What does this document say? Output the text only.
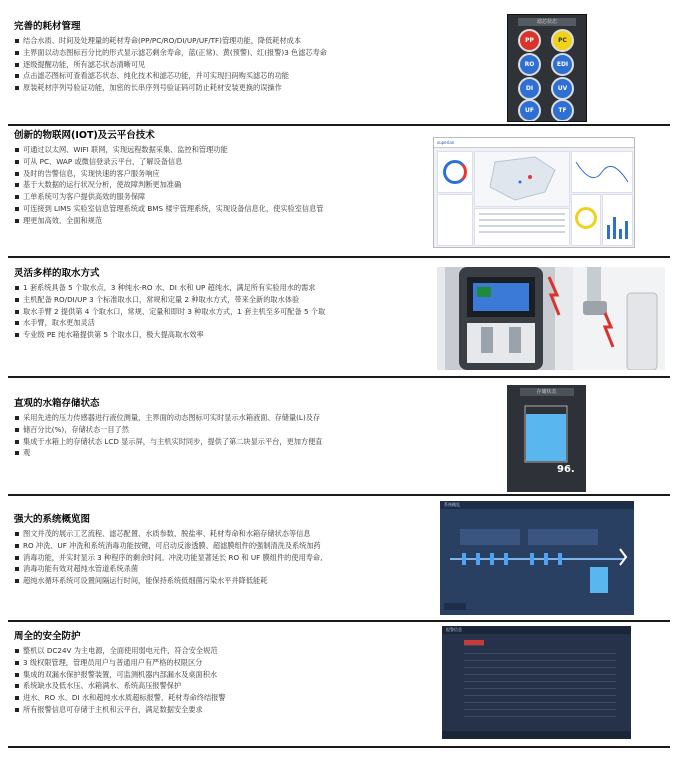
完善的耗材管理
结合水质、时间及处理量的耗材寿命(PP/PC/RO/DI/UP/UF/TF)管理功能，降低耗材成本
主界面以动态图标百分比的形式显示滤芯剩余寿命，蓝(正常)、黄(预警)、红(报警)3 色滤芯寿命
逐级提醒功能，所有滤芯状态清晰可见
点击滤芯图标可查看滤芯状态、纯化技术和滤芯功能，并可实现扫码购买滤芯的功能
原装耗材序列号验证功能，加密的长串序列号验证码可防止耗材安装更换的误操作
创新的物联网(IOT)及云平台技术
可通过以太网、WIFI 联网，实现远程数据采集、监控和管理功能
可从 PC、WAP 或微信登录云平台，了解设备信息
及时的告警信息，实现快速的客户服务响应
基于大数据的运行状况分析，使故障判断更加准确
工单系统可为客户提供高效的服务保障
可连接到 LIMS 实验室信息管理系统或 BMS 楼宇管理系统，实现设备信息化，使实验室信息管
理更加高效、全面和规范
灵活多样的取水方式
1 套系统具备 5 个取水点，3 种纯水-RO 水、DI 水和 UP 超纯水，满足所有实验用水的需求
主机配备 RO/DI/UP 3 个标准取水口，常规和定量 2 种取水方式，带来全新的取水体验
取水手臂 2 提供第 4 个取水口，常规、定量和即时 3 种取水方式，1 套主机至多可配备 5 个取
水手臂，取水更加灵活
专业级 PE 纯水箱提供第 5 个取水口，极大提高取水效率
直观的水箱存储状态
采用先进的压力传感器进行液位测量，主界面的动态图标可实时显示水箱液面、存储量(L)及存
储百分比(%)，存储状态一目了然
集成于水箱上的存储状态 LCD 显示屏，与主机实时同步，提供了第二块显示平台，更加方便直
观
强大的系统概览图
图文并茂的展示工艺流程、滤芯配置、水质参数、脱盐率、耗材寿命和水箱存储状态等信息
RO 冲洗、UF 冲洗和系统消毒功能按键，可启动反渗透膜、超滤膜组件的强制清洗及系统加药
消毒功能，并实时显示 3 种程序的剩余时间。冲洗功能显著延长 RO 和 UF 膜组件的使用寿命,
消毒功能有效对超纯水管道系统杀菌
超纯水循环系统可设置间隔运行时间，能保持系统低细菌污染水平并降低能耗
周全的安全防护
整机以 DC24V 为主电源，全面使用弱电元件，符合安全规范
3 级权限管理，管理员用户与普通用户有严格的权限区分
集成的双漏水保护报警装置，可监测机器内部漏水及桌面积水
系统缺水及低水压、水箱满水、系统高压报警保护
进水、RO 水、DI 水和超纯水水质超标报警、耗材寿命终结报警
所有报警信息可存储于主机和云平台，满足数据安全要求
滤芯状态
PP	PC
RO	EDI
DI	UV
UF	TF
superlan
存储状态
96.
系统概览
报警信息
